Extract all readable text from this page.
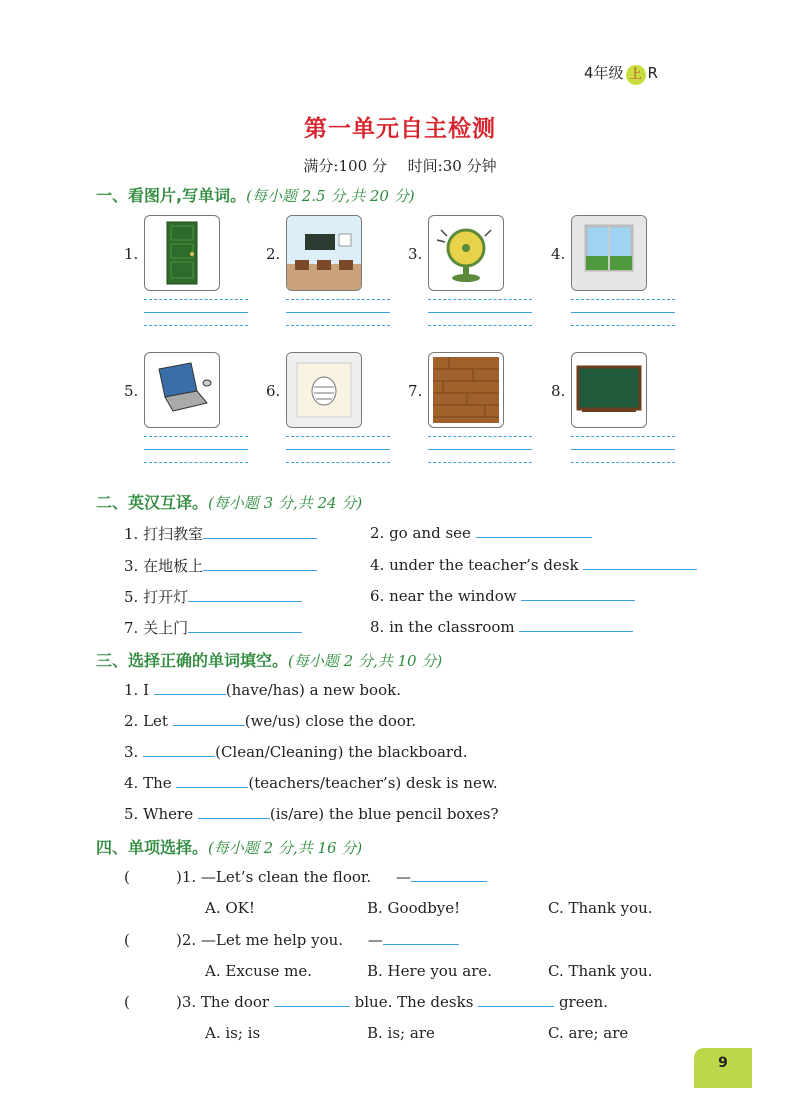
4年级 上 R
第一单元自主检测
满分:100 分 时间:30 分钟
一、看图片,写单词。(每小题 2.5 分,共 20 分)
1.	2.	3.	4.
5.	6.	7.	8.
二、英汉互译。(每小题 3 分,共 24 分)
1. 打扫教室	2. go and see
3. 在地板上	4. under the teacher’s desk
5. 打开灯	6. near the window
7. 关上门	8. in the classroom
三、选择正确的单词填空。(每小题 2 分,共 10 分)
1. I	(have/has) a new book.
2. Let	(we/us) close the door.
3.	(Clean/Cleaning) the blackboard.
4. The	(teachers/teacher’s) desk is new.
5. Where	(is/are) the blue pencil boxes?
四、单项选择。(每小题 2 分,共 16 分)
(	)1. —Let’s clean the floor. —
A. OK!	B. Goodbye!	C. Thank you.
(	)2. —Let me help you. —
A. Excuse me.	B. Here you are.	C. Thank you.
(	)3. The door	blue. The desks	green.
A. is; is	B. is; are	C. are; are
9
